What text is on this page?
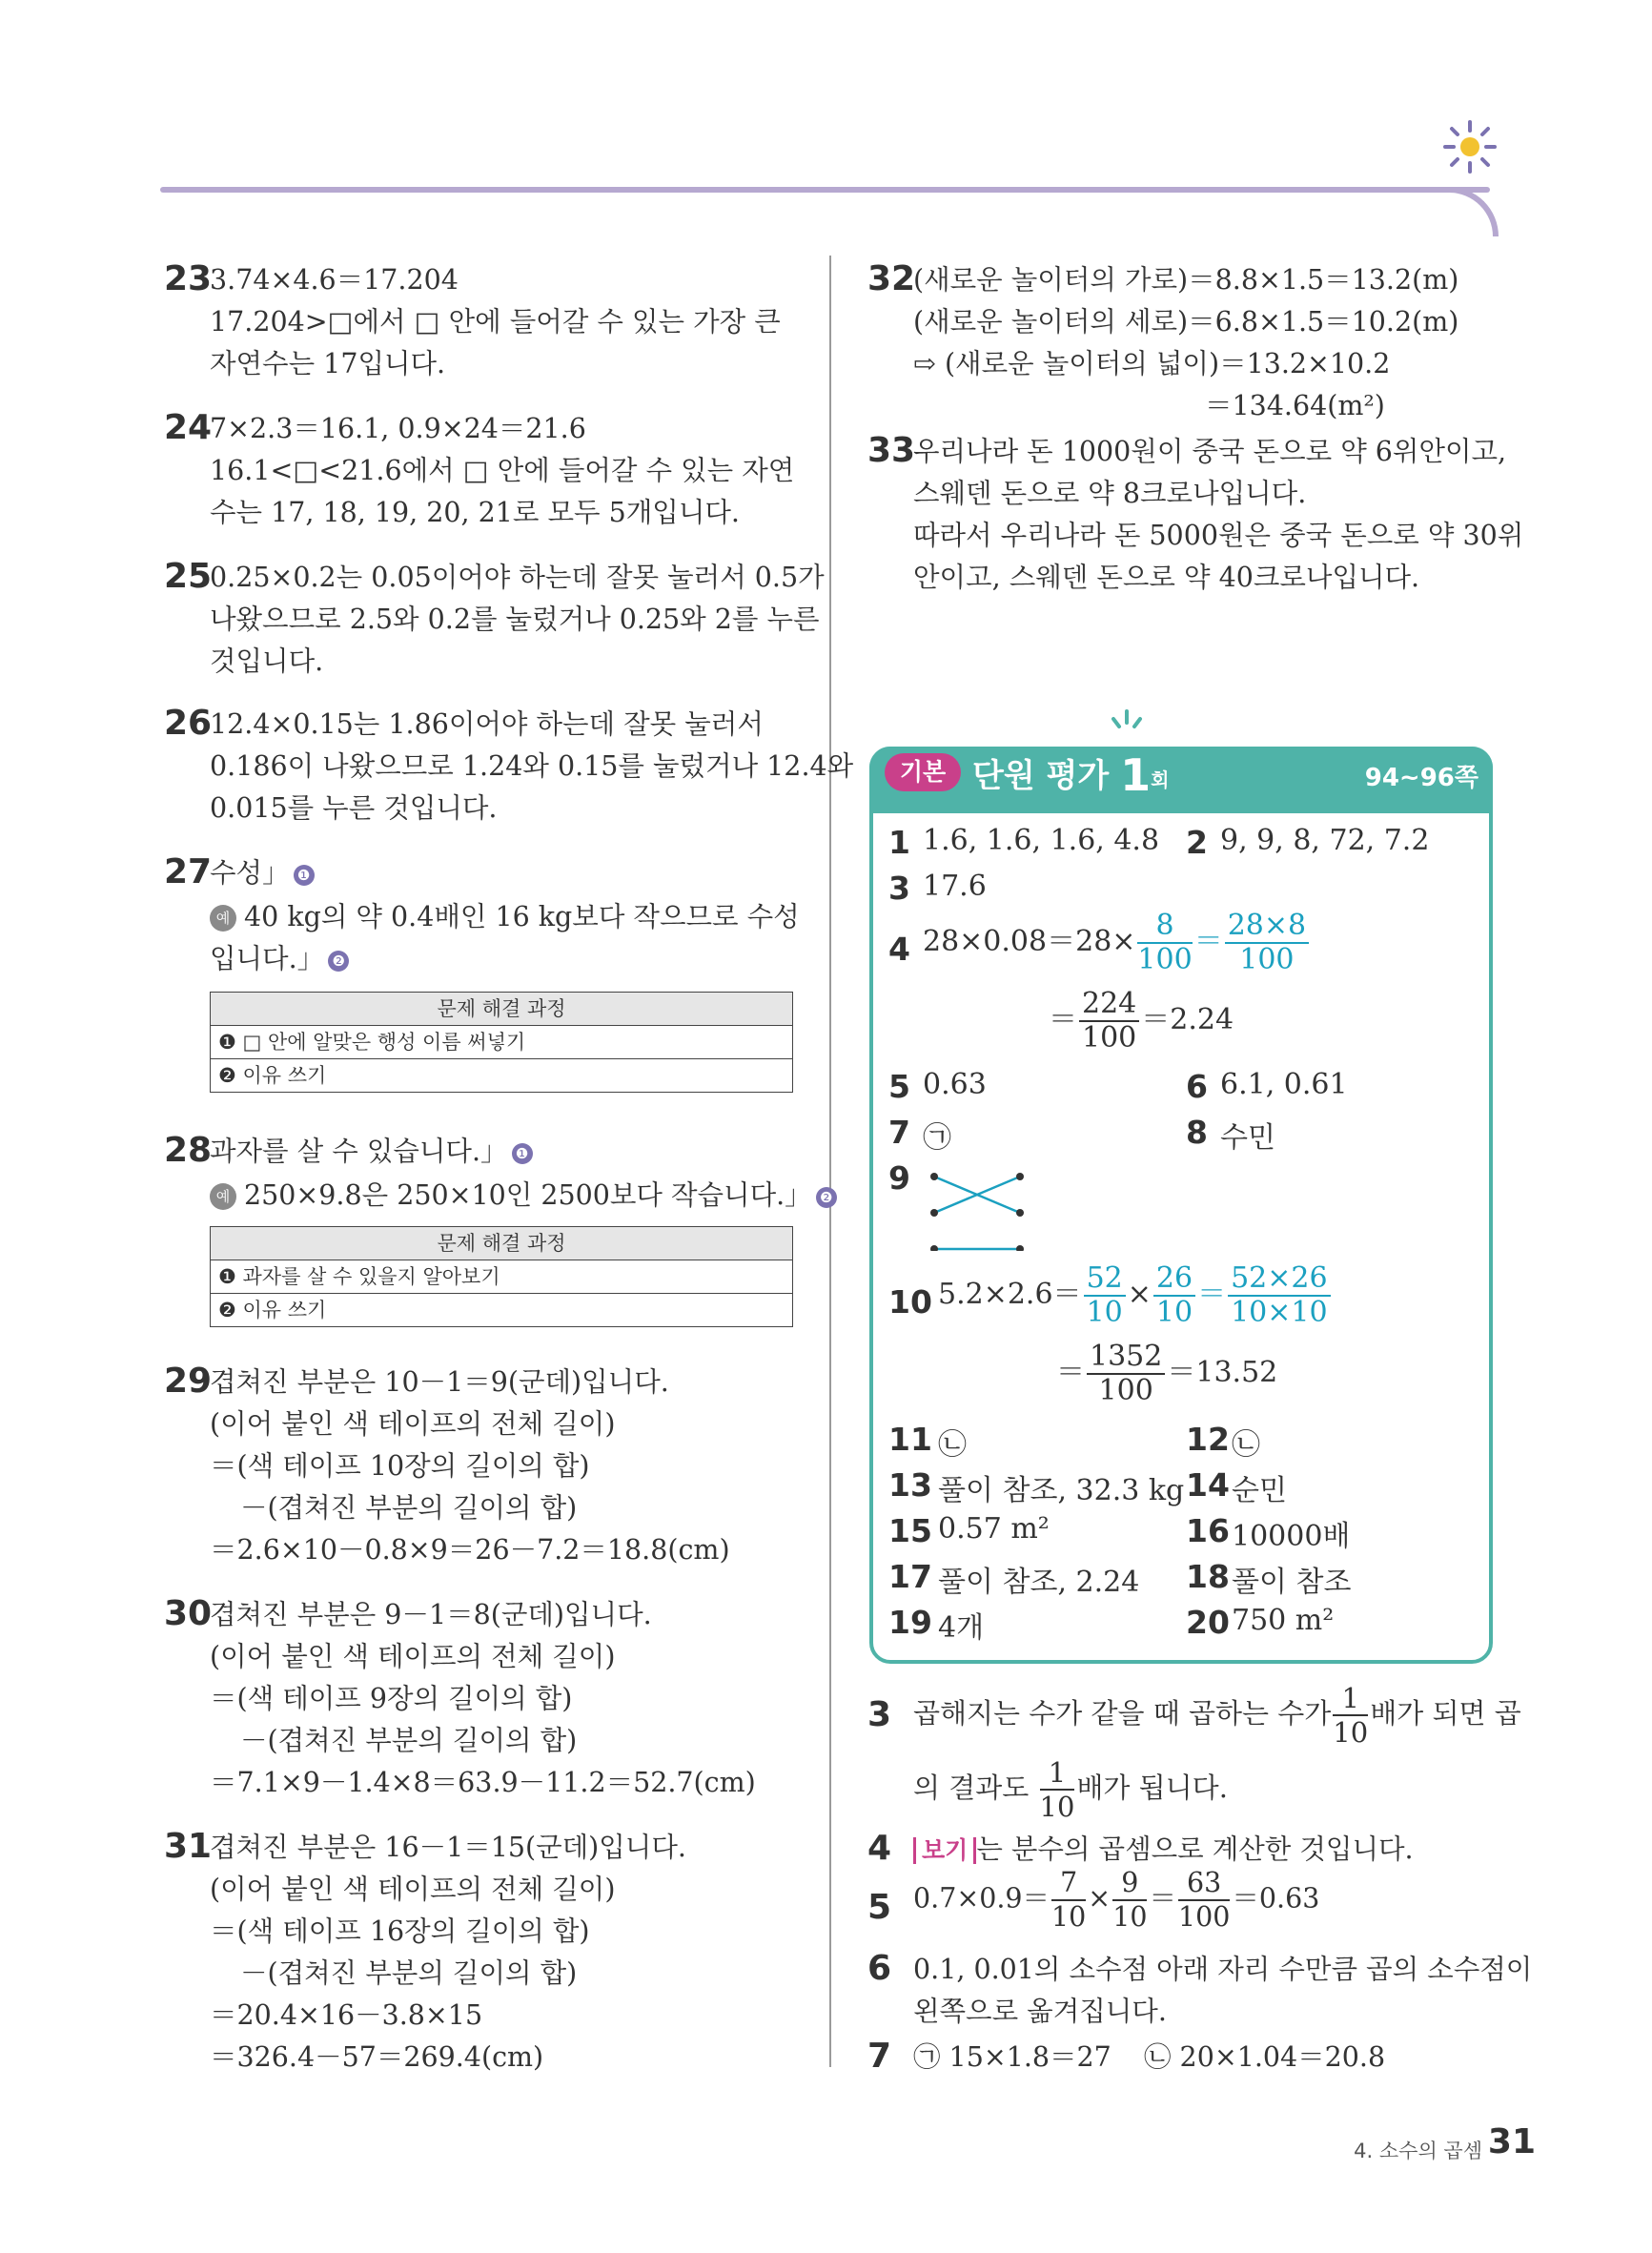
23
3.74×4.6＝17.204
17.204>□에서 □ 안에 들어갈 수 있는 가장 큰
자연수는 17입니다.
24
7×2.3＝16.1, 0.9×24＝21.6
16.1<□<21.6에서 □ 안에 들어갈 수 있는 자연
수는 17, 18, 19, 20, 21로 모두 5개입니다.
25
0.25×0.2는 0.05이어야 하는데 잘못 눌러서 0.5가
나왔으므로 2.5와 0.2를 눌렀거나 0.25와 2를 누른
것입니다.
26
12.4×0.15는 1.86이어야 하는데 잘못 눌러서
0.186이 나왔으므로 1.24와 0.15를 눌렀거나 12.4와
0.015를 누른 것입니다.
27
수성」 ❶
예 40 kg의 약 0.4배인 16 kg보다 작으므로 수성
입니다.」 ❷
문제 해결 과정
❶ □ 안에 알맞은 행성 이름 써넣기
❷ 이유 쓰기
28
과자를 살 수 있습니다.」 ❶
예 250×9.8은 250×10인 2500보다 작습니다.」 ❷
문제 해결 과정
❶ 과자를 살 수 있을지 알아보기
❷ 이유 쓰기
29
겹쳐진 부분은 10－1＝9(군데)입니다.
(이어 붙인 색 테이프의 전체 길이)
＝(색 테이프 10장의 길이의 합)
－(겹쳐진 부분의 길이의 합)
＝2.6×10－0.8×9＝26－7.2＝18.8(cm)
30
겹쳐진 부분은 9－1＝8(군데)입니다.
(이어 붙인 색 테이프의 전체 길이)
＝(색 테이프 9장의 길이의 합)
－(겹쳐진 부분의 길이의 합)
＝7.1×9－1.4×8＝63.9－11.2＝52.7(cm)
31
겹쳐진 부분은 16－1＝15(군데)입니다.
(이어 붙인 색 테이프의 전체 길이)
＝(색 테이프 16장의 길이의 합)
－(겹쳐진 부분의 길이의 합)
＝20.4×16－3.8×15
＝326.4－57＝269.4(cm)
32
(새로운 놀이터의 가로)＝8.8×1.5＝13.2(m)
(새로운 놀이터의 세로)＝6.8×1.5＝10.2(m)
⇨ (새로운 놀이터의 넓이)＝13.2×10.2
＝134.64(m²)
33
우리나라 돈 1000원이 중국 돈으로 약 6위안이고,
스웨덴 돈으로 약 8크로나입니다.
따라서 우리나라 돈 5000원은 중국 돈으로 약 30위
안이고, 스웨덴 돈으로 약 40크로나입니다.
기본 단원 평가 1회	94~96쪽
1 1.6, 1.6, 1.6, 4.8 2 9, 9, 8, 72, 7.2
3 17.6
4 $28\times 0.08=28\times \frac{8}{100} = \frac{28\times 8}{100}$
＝ $\frac{224}{100} =2.24$
5 0.63	6 6.1, 0.61
7 ㉠	8 수민
9
10 $5.2\times 2.6= \frac{52}{10} \times \frac{26}{10} = \frac{52\times 26}{10\times 10}$
＝ $\frac{1352}{100} =13.52$
11 ㉡	12 ㉡
13 풀이 참조, 32.3 kg 14 순민
15 0.57 m²	16 10000배
17 풀이 참조, 2.24 18 풀이 참조
19 4개	20 750 m²
3 곱해지는 수가 같을 때 곱하는 수가 $\frac{1}{10}$ 배가 되면 곱
의 결과도 $\frac{1}{10}$ 배가 됩니다.
4	보기 는 분수의 곱셈으로 계산한 것입니다.
5 $0.7\times 0.9= \frac{7}{10} \times \frac{9}{10} = \frac{63}{100} =0.63$
6 0.1, 0.01의 소수점 아래 자리 수만큼 곱의 소수점이
왼쪽으로 옮겨집니다.
7 ㉠ 15×1.8＝27 ㉡ 20×1.04＝20.8
4. 소수의 곱셈 31
